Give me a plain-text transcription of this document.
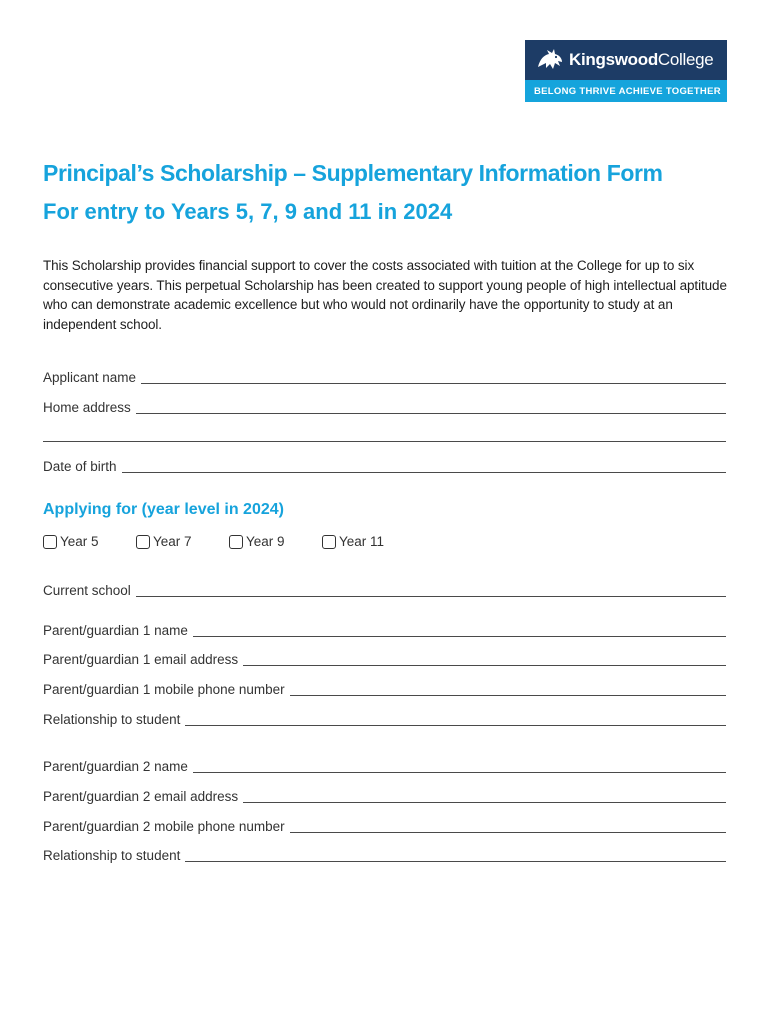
KingswoodCollege
BELONG THRIVE ACHIEVE TOGETHER
Principal’s Scholarship – Supplementary Information Form
For entry to Years 5, 7, 9 and 11 in 2024

This Scholarship provides financial support to cover the costs associated with tuition at the College for up to six consecutive years. This perpetual Scholarship has been created to support young people of high intellectual aptitude who can demonstrate academic excellence but who would not ordinarily have the opportunity to study at an independent school.

Applicant name
Home address
Date of birth
Applying for (year level in 2024)
Year 5	Year 7	Year 9	Year 11
Current school
Parent/guardian 1 name
Parent/guardian 1 email address
Parent/guardian 1 mobile phone number
Relationship to student
Parent/guardian 2 name
Parent/guardian 2 email address
Parent/guardian 2 mobile phone number
Relationship to student
